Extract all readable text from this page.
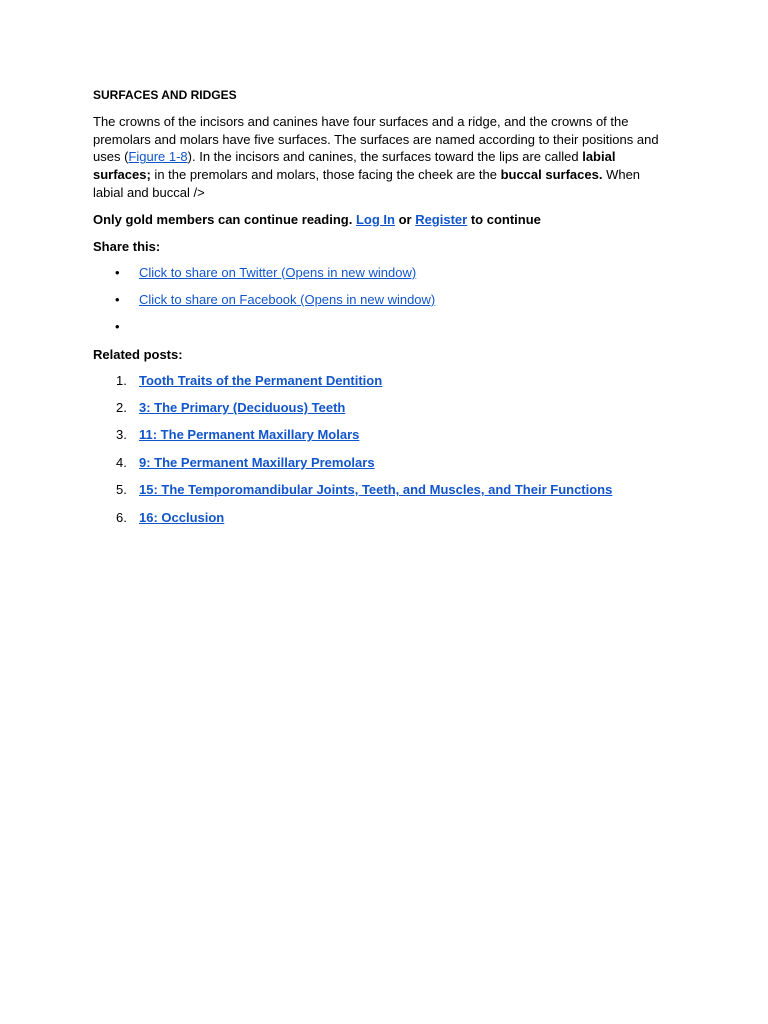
SURFACES AND RIDGES
The crowns of the incisors and canines have four surfaces and a ridge, and the crowns of the premolars and molars have five surfaces. The surfaces are named according to their positions and uses (Figure 1-8). In the incisors and canines, the surfaces toward the lips are called labial surfaces; in the premolars and molars, those facing the cheek are the buccal surfaces. When labial and buccal />
Only gold members can continue reading. Log In or Register to continue
Share this:
• Click to share on Twitter (Opens in new window)
• Click to share on Facebook (Opens in new window)
•
Related posts:
1. Tooth Traits of the Permanent Dentition
2. 3: The Primary (Deciduous) Teeth
3. 11: The Permanent Maxillary Molars
4. 9: The Permanent Maxillary Premolars
5. 15: The Temporomandibular Joints, Teeth, and Muscles, and Their Functions
6. 16: Occlusion
